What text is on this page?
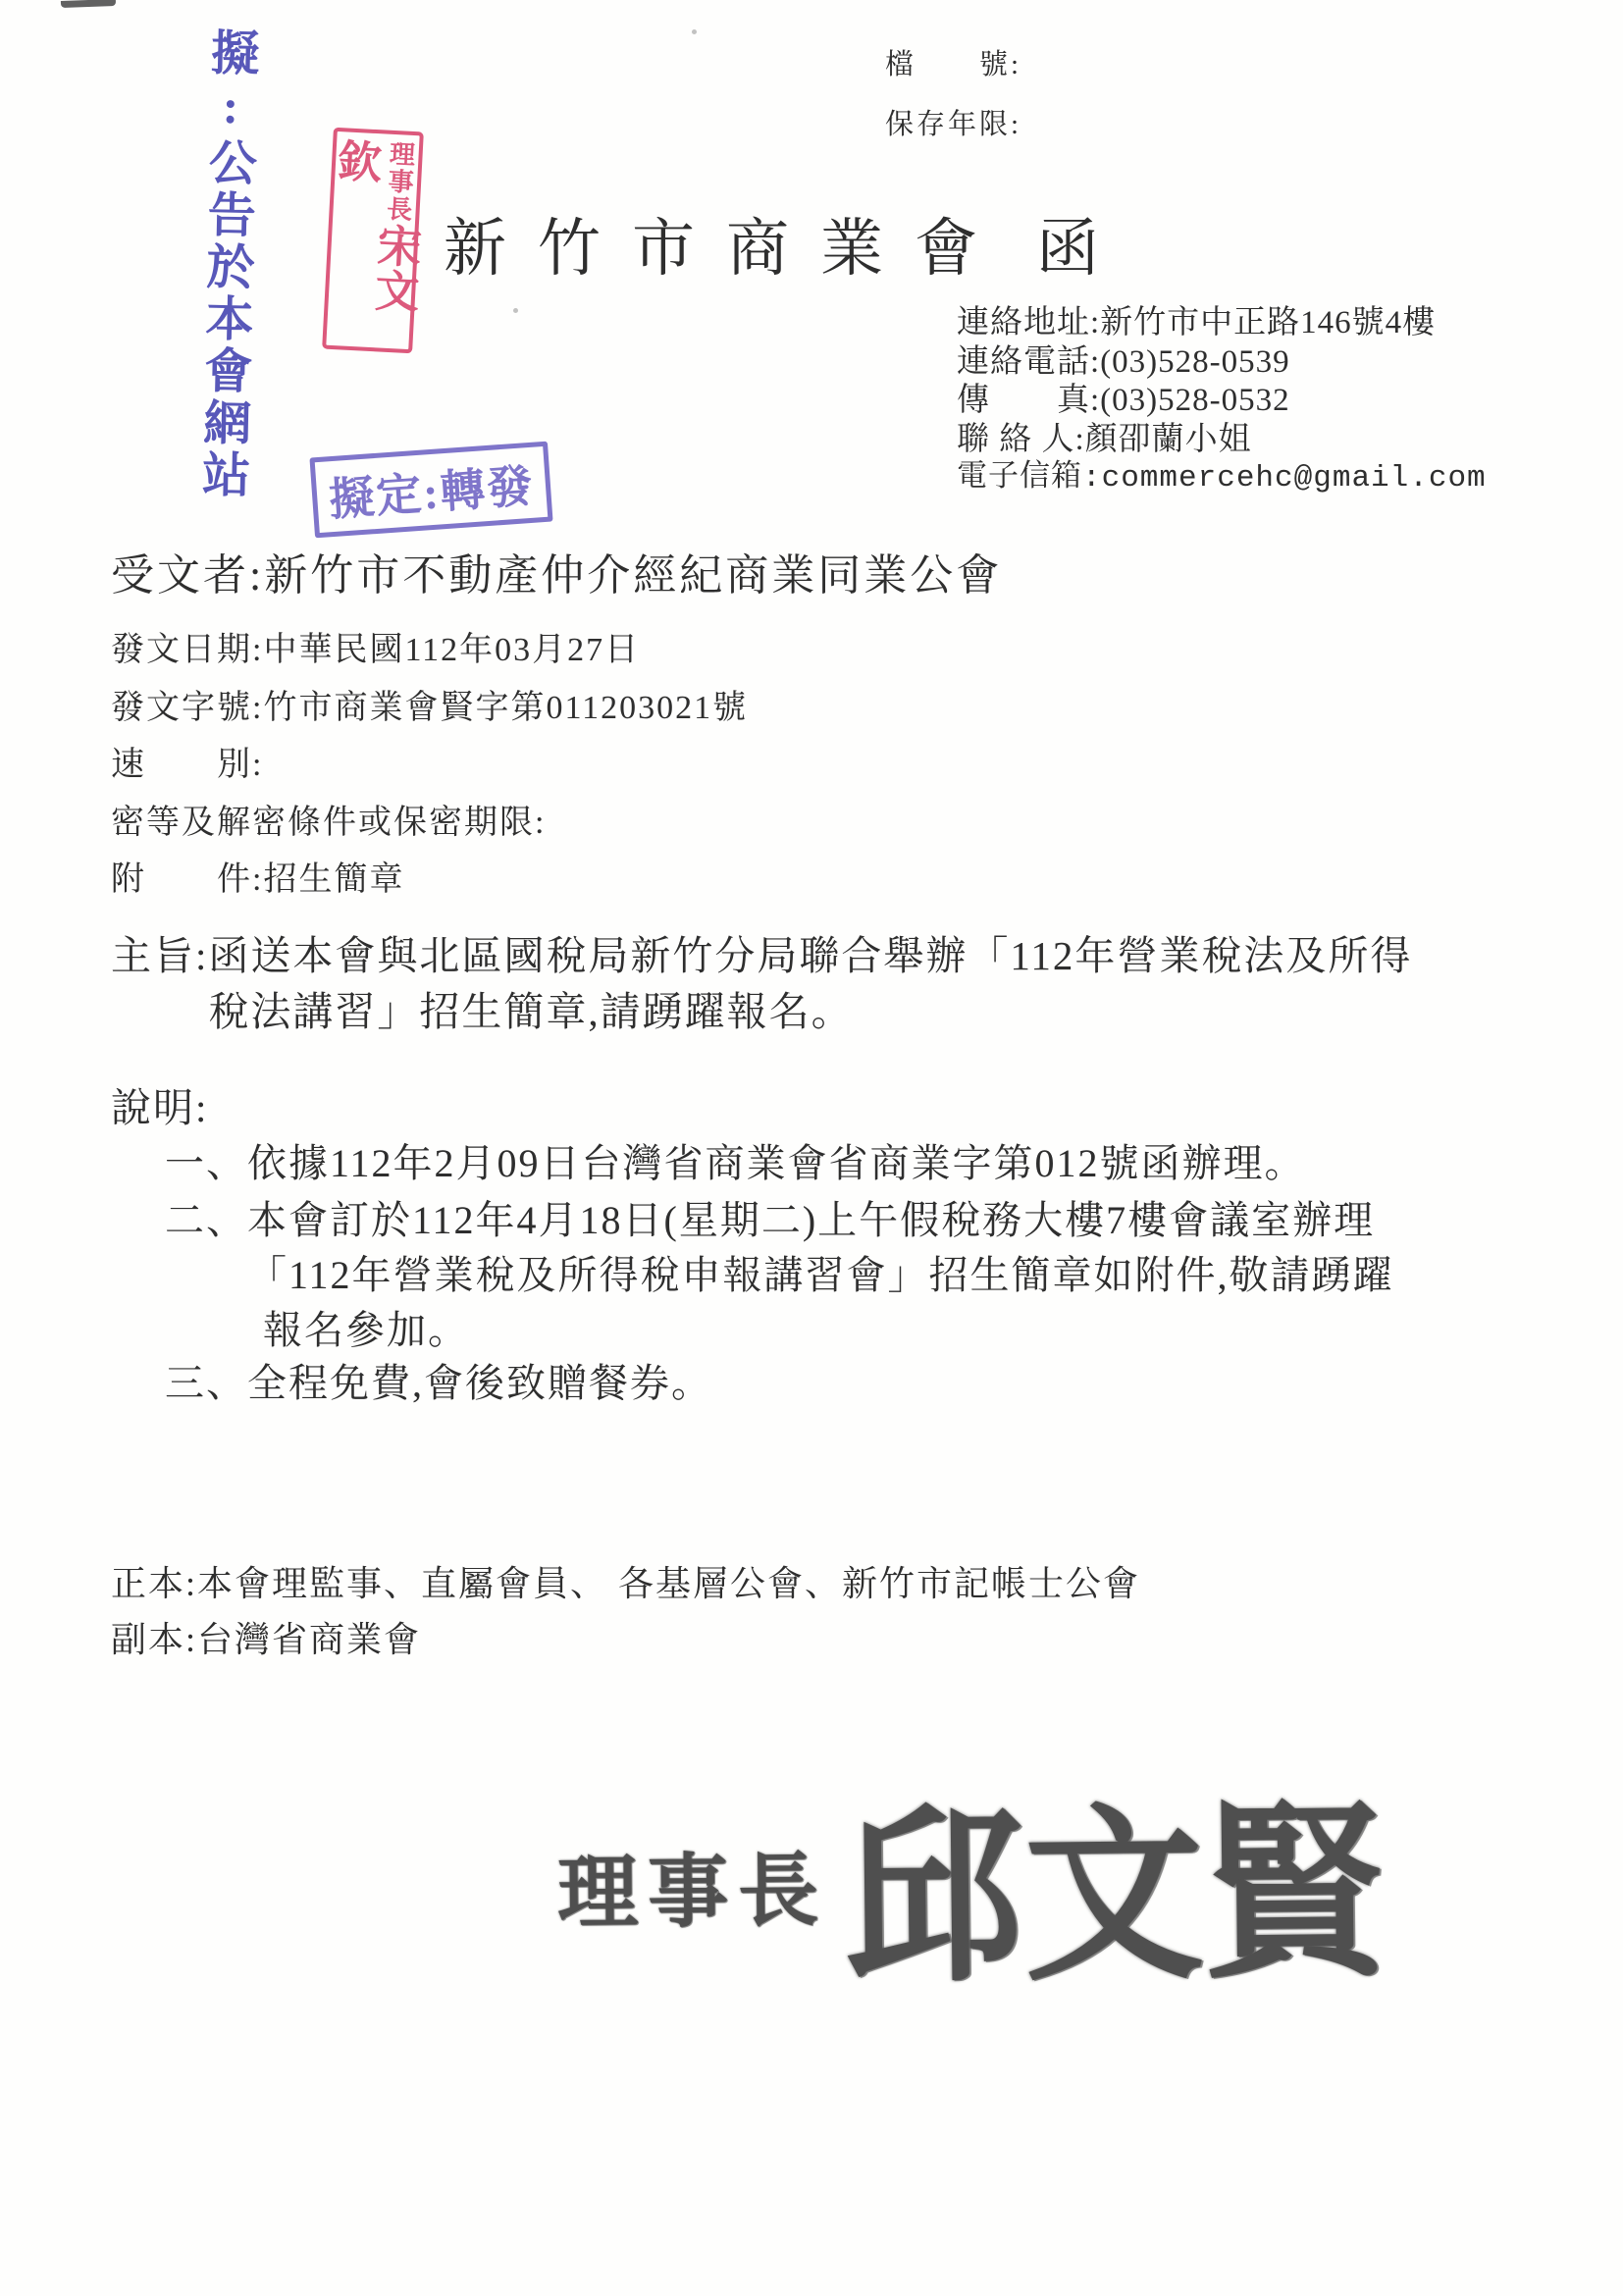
檔　　號:
保存年限:
擬:公告於本會網站	理事長宋文欽
擬定:轉發
新竹市商業會 函
連絡地址:新竹市中正路146號4樓
連絡電話:(03)528-0539
傳　　真:(03)528-0532
聯 絡 人:顏卲蘭小姐
電子信箱:commercehc@gmail.com
受文者:新竹市不動產仲介經紀商業同業公會
發文日期:中華民國112年03月27日
發文字號:竹市商業會賢字第011203021號
速　　別:
密等及解密條件或保密期限:
附　　件:招生簡章
主旨: 函送本會與北區國稅局新竹分局聯合舉辦「112年營業稅法及所得
稅法講習」招生簡章,請踴躍報名。
說明:
一、 依據112年2月09日台灣省商業會省商業字第012號函辦理。
二、 本會訂於112年4月18日(星期二)上午假稅務大樓7樓會議室辦理
「112年營業稅及所得稅申報講習會」招生簡章如附件,敬請踴躍
報名參加。
三、 全程免費,會後致贈餐券。
正本:本會理監事、直屬會員、 各基層公會、新竹市記帳士公會
副本:台灣省商業會
理事長 邱文賢
